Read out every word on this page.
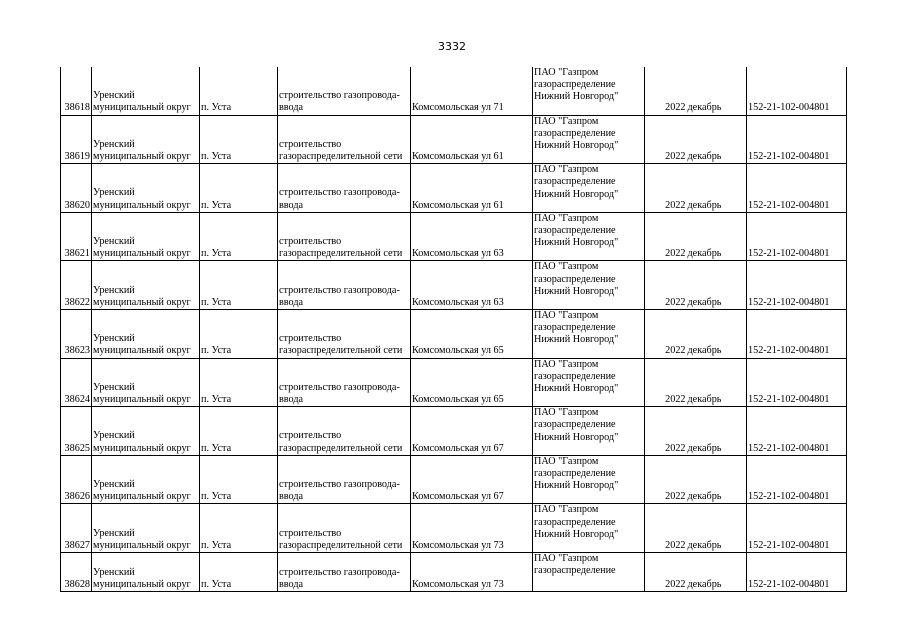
3332
38618	Уренский
муниципальный округ	п. Уста	строительство газопровода-
ввода	Комсомольская ул 71	ПАО "Газпром
газораспределение
Нижний Новгород"	2022	декабрь	152-21-102-004801

38619	Уренский
муниципальный округ	п. Уста	строительство
газораспределительной сети	Комсомольская ул 61	ПАО "Газпром
газораспределение
Нижний Новгород"	2022	декабрь	152-21-102-004801

38620	Уренский
муниципальный округ	п. Уста	строительство газопровода-
ввода	Комсомольская ул 61	ПАО "Газпром
газораспределение
Нижний Новгород"	2022	декабрь	152-21-102-004801

38621	Уренский
муниципальный округ	п. Уста	строительство
газораспределительной сети	Комсомольская ул 63	ПАО "Газпром
газораспределение
Нижний Новгород"	2022	декабрь	152-21-102-004801

38622	Уренский
муниципальный округ	п. Уста	строительство газопровода-
ввода	Комсомольская ул 63	ПАО "Газпром
газораспределение
Нижний Новгород"	2022	декабрь	152-21-102-004801

38623	Уренский
муниципальный округ	п. Уста	строительство
газораспределительной сети	Комсомольская ул 65	ПАО "Газпром
газораспределение
Нижний Новгород"	2022	декабрь	152-21-102-004801

38624	Уренский
муниципальный округ	п. Уста	строительство газопровода-
ввода	Комсомольская ул 65	ПАО "Газпром
газораспределение
Нижний Новгород"	2022	декабрь	152-21-102-004801

38625	Уренский
муниципальный округ	п. Уста	строительство
газораспределительной сети	Комсомольская ул 67	ПАО "Газпром
газораспределение
Нижний Новгород"	2022	декабрь	152-21-102-004801

38626	Уренский
муниципальный округ	п. Уста	строительство газопровода-
ввода	Комсомольская ул 67	ПАО "Газпром
газораспределение
Нижний Новгород"	2022	декабрь	152-21-102-004801

38627	Уренский
муниципальный округ	п. Уста	строительство
газораспределительной сети	Комсомольская ул 73	ПАО "Газпром
газораспределение
Нижний Новгород"	2022	декабрь	152-21-102-004801

38628	Уренский
муниципальный округ	п. Уста	строительство газопровода-
ввода	Комсомольская ул 73	ПАО "Газпром
газораспределение	2022	декабрь	152-21-102-004801
